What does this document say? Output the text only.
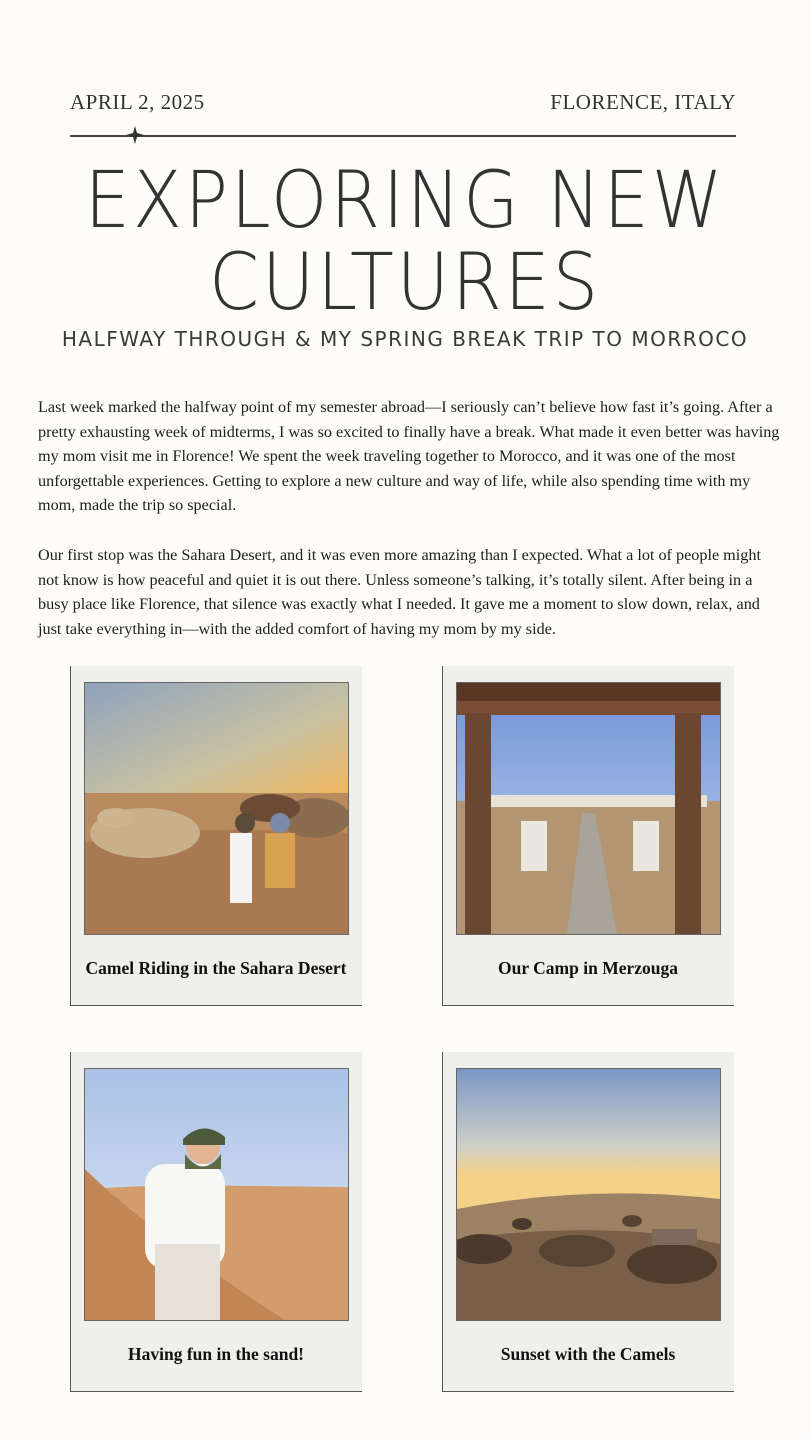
APRIL 2, 2025	FLORENCE, ITALY
EXPLORING NEW
CULTURES
HALFWAY THROUGH & MY SPRING BREAK TRIP TO MORROCO

Last week marked the halfway point of my semester abroad—I seriously can’t believe how fast it’s going. After a pretty exhausting week of midterms, I was so excited to finally have a break. What made it even better was having my mom visit me in Florence! We spent the week traveling together to Morocco, and it was one of the most unforgettable experiences. Getting to explore a new culture and way of life, while also spending time with my mom, made the trip so special.

Our first stop was the Sahara Desert, and it was even more amazing than I expected. What a lot of people might not know is how peaceful and quiet it is out there. Unless someone’s talking, it’s totally silent. After being in a busy place like Florence, that silence was exactly what I needed. It gave me a moment to slow down, relax, and just take everything in—with the added comfort of having my mom by my side.

Camel Riding in the Sahara Desert	Our Camp in Merzouga
Having fun in the sand!	Sunset with the Camels
